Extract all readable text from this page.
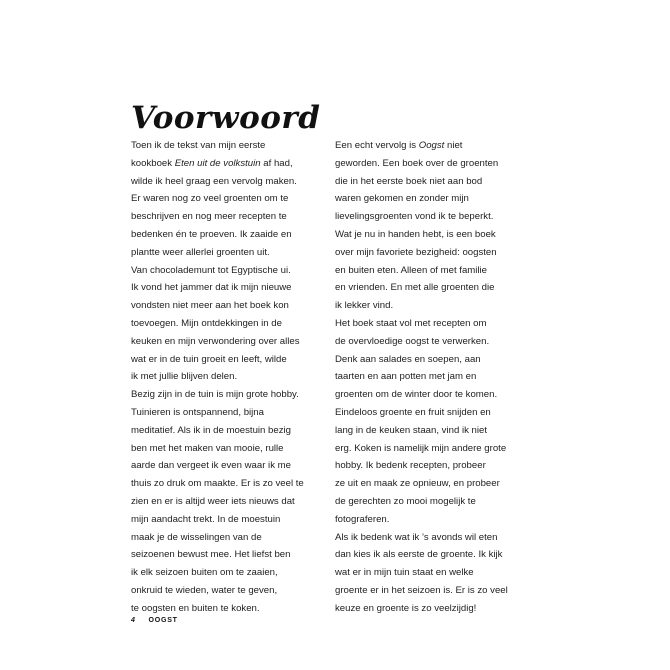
Voorwoord
Toen ik de tekst van mijn eerste
kookboek Eten uit de volkstuin af had,
wilde ik heel graag een vervolg maken.
Er waren nog zo veel groenten om te
beschrijven en nog meer recepten te
bedenken én te proeven. Ik zaaide en
plantte weer allerlei groenten uit.
Van chocolademunt tot Egyptische ui.
Ik vond het jammer dat ik mijn nieuwe
vondsten niet meer aan het boek kon
toevoegen. Mijn ontdekkingen in de
keuken en mijn verwondering over alles
wat er in de tuin groeit en leeft, wilde
ik met jullie blijven delen.
Bezig zijn in de tuin is mijn grote hobby.
Tuinieren is ontspannend, bijna
meditatief. Als ik in de moestuin bezig
ben met het maken van mooie, rulle
aarde dan vergeet ik even waar ik me
thuis zo druk om maakte. Er is zo veel te
zien en er is altijd weer iets nieuws dat
mijn aandacht trekt. In de moestuin
maak je de wisselingen van de
seizoenen bewust mee. Het liefst ben
ik elk seizoen buiten om te zaaien,
onkruid te wieden, water te geven,
te oogsten en buiten te koken.
Een echt vervolg is Oogst niet
geworden. Een boek over de groenten
die in het eerste boek niet aan bod
waren gekomen en zonder mijn
lievelingsgroenten vond ik te beperkt.
Wat je nu in handen hebt, is een boek
over mijn favoriete bezigheid: oogsten
en buiten eten. Alleen of met familie
en vrienden. En met alle groenten die
ik lekker vind.
Het boek staat vol met recepten om
de overvloedige oogst te verwerken.
Denk aan salades en soepen, aan
taarten en aan potten met jam en
groenten om de winter door te komen.
Eindeloos groente en fruit snijden en
lang in de keuken staan, vind ik niet
erg. Koken is namelijk mijn andere grote
hobby. Ik bedenk recepten, probeer
ze uit en maak ze opnieuw, en probeer
de gerechten zo mooi mogelijk te
fotograferen.
Als ik bedenk wat ik ’s avonds wil eten
dan kies ik als eerste de groente. Ik kijk
wat er in mijn tuin staat en welke
groente er in het seizoen is. Er is zo veel
keuze en groente is zo veelzijdig!
4 OOGST
